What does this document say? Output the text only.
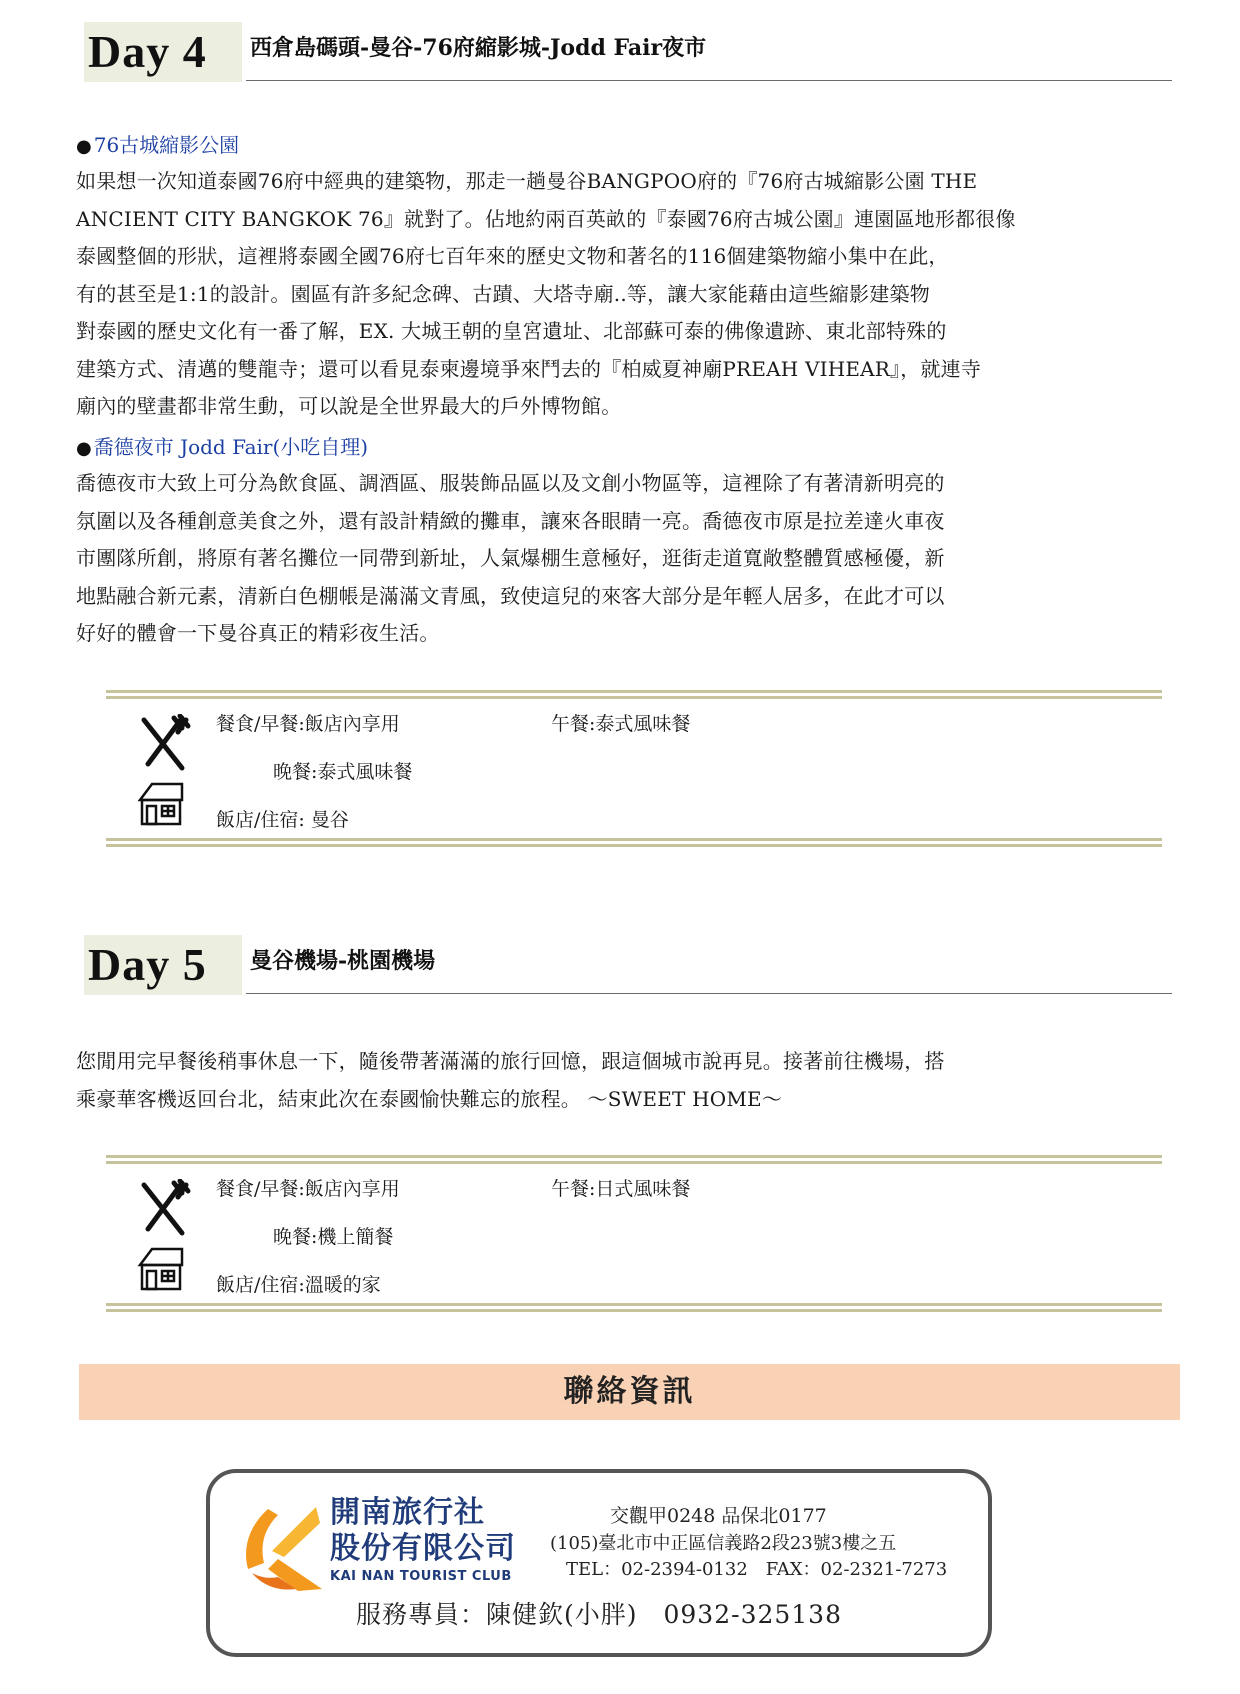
Day 4 西倉島碼頭-曼谷-76府縮影城-Jodd Fair夜市
● 76古城縮影公園
如果想一次知道泰國76府中經典的建築物，那走一趟曼谷BANGPOO府的『76府古城縮影公園 THE
ANCIENT CITY BANGKOK 76』就對了。佔地約兩百英畝的『泰國76府古城公園』連園區地形都很像
泰國整個的形狀，這裡將泰國全國76府七百年來的歷史文物和著名的116個建築物縮小集中在此，
有的甚至是1:1的設計。園區有許多紀念碑、古蹟、大塔寺廟..等，讓大家能藉由這些縮影建築物
對泰國的歷史文化有一番了解，EX. 大城王朝的皇宮遺址、北部蘇可泰的佛像遺跡、東北部特殊的
建築方式、清邁的雙龍寺；還可以看見泰柬邊境爭來鬥去的『柏威夏神廟PREAH VIHEAR』，就連寺
廟內的壁畫都非常生動，可以說是全世界最大的戶外博物館。
● 喬德夜市 Jodd Fair(小吃自理)
喬德夜市大致上可分為飲食區、調酒區、服裝飾品區以及文創小物區等，這裡除了有著清新明亮的
氛圍以及各種創意美食之外，還有設計精緻的攤車，讓來各眼睛一亮。喬德夜市原是拉差達火車夜
市團隊所創，將原有著名攤位一同帶到新址，人氣爆棚生意極好，逛街走道寬敞整體質感極優，新
地點融合新元素，清新白色棚帳是滿滿文青風，致使這兒的來客大部分是年輕人居多，在此才可以
好好的體會一下曼谷真正的精彩夜生活。
餐食/早餐:飯店內享用	午餐:泰式風味餐
晚餐:泰式風味餐
飯店/住宿: 曼谷
Day 5 曼谷機場-桃園機場
您閒用完早餐後稍事休息一下，隨後帶著滿滿的旅行回憶，跟這個城市說再見。接著前往機場，搭
乘豪華客機返回台北，結束此次在泰國愉快難忘的旅程。 ～SWEET HOME～
餐食/早餐:飯店內享用	午餐:日式風味餐
晚餐:機上簡餐
飯店/住宿:溫暖的家
聯絡資訊
開南旅行社
股份有限公司
KAI NAN TOURIST CLUB
交觀甲0248 品保北0177
(105)臺北市中正區信義路2段23號3樓之五
TEL：02-2394-0132　FAX：02-2321-7273
服務專員：陳健欽(小胖)　0932-325138
